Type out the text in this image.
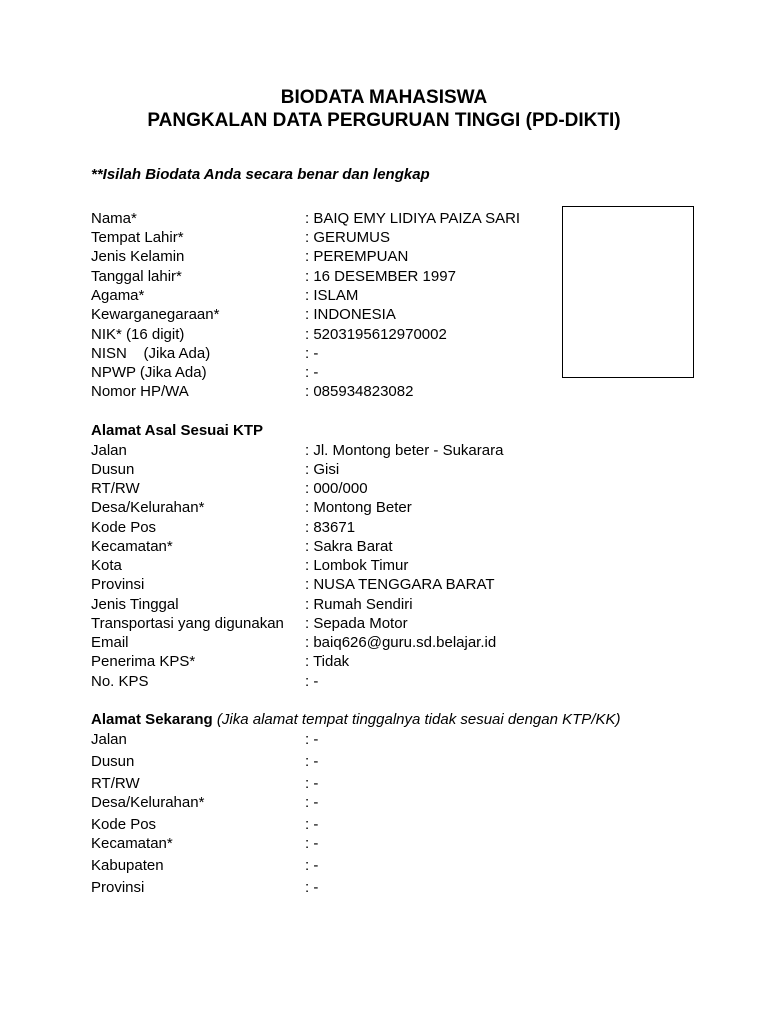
BIODATA MAHASISWA
PANGKALAN DATA PERGURUAN TINGGI (PD-DIKTI)
**Isilah Biodata Anda secara benar dan lengkap
Nama*	: BAIQ EMY LIDIYA PAIZA SARI
Tempat Lahir*	: GERUMUS
Jenis Kelamin	: PEREMPUAN
Tanggal lahir*	: 16 DESEMBER 1997
Agama*	: ISLAM
Kewarganegaraan*	: INDONESIA
NIK* (16 digit)	: 5203195612970002
NISN    (Jika Ada)	: -
NPWP (Jika Ada)	: -
Nomor HP/WA	: 085934823082
Alamat Asal Sesuai KTP
Jalan	: Jl. Montong beter - Sukarara
Dusun	: Gisi
RT/RW	: 000/000
Desa/Kelurahan*	: Montong Beter
Kode Pos	: 83671
Kecamatan*	: Sakra Barat
Kota	: Lombok Timur
Provinsi	: NUSA TENGGARA BARAT
Jenis Tinggal	: Rumah Sendiri
Transportasi yang digunakan : Sepada Motor
Email	: baiq626@guru.sd.belajar.id
Penerima KPS*	: Tidak
No. KPS	: -
Alamat Sekarang (Jika alamat tempat tinggalnya tidak sesuai dengan KTP/KK)
Jalan	: -
Dusun	: -
RT/RW	: -
Desa/Kelurahan*	: -
Kode Pos	: -
Kecamatan*	: -
Kabupaten	: -
Provinsi	: -
